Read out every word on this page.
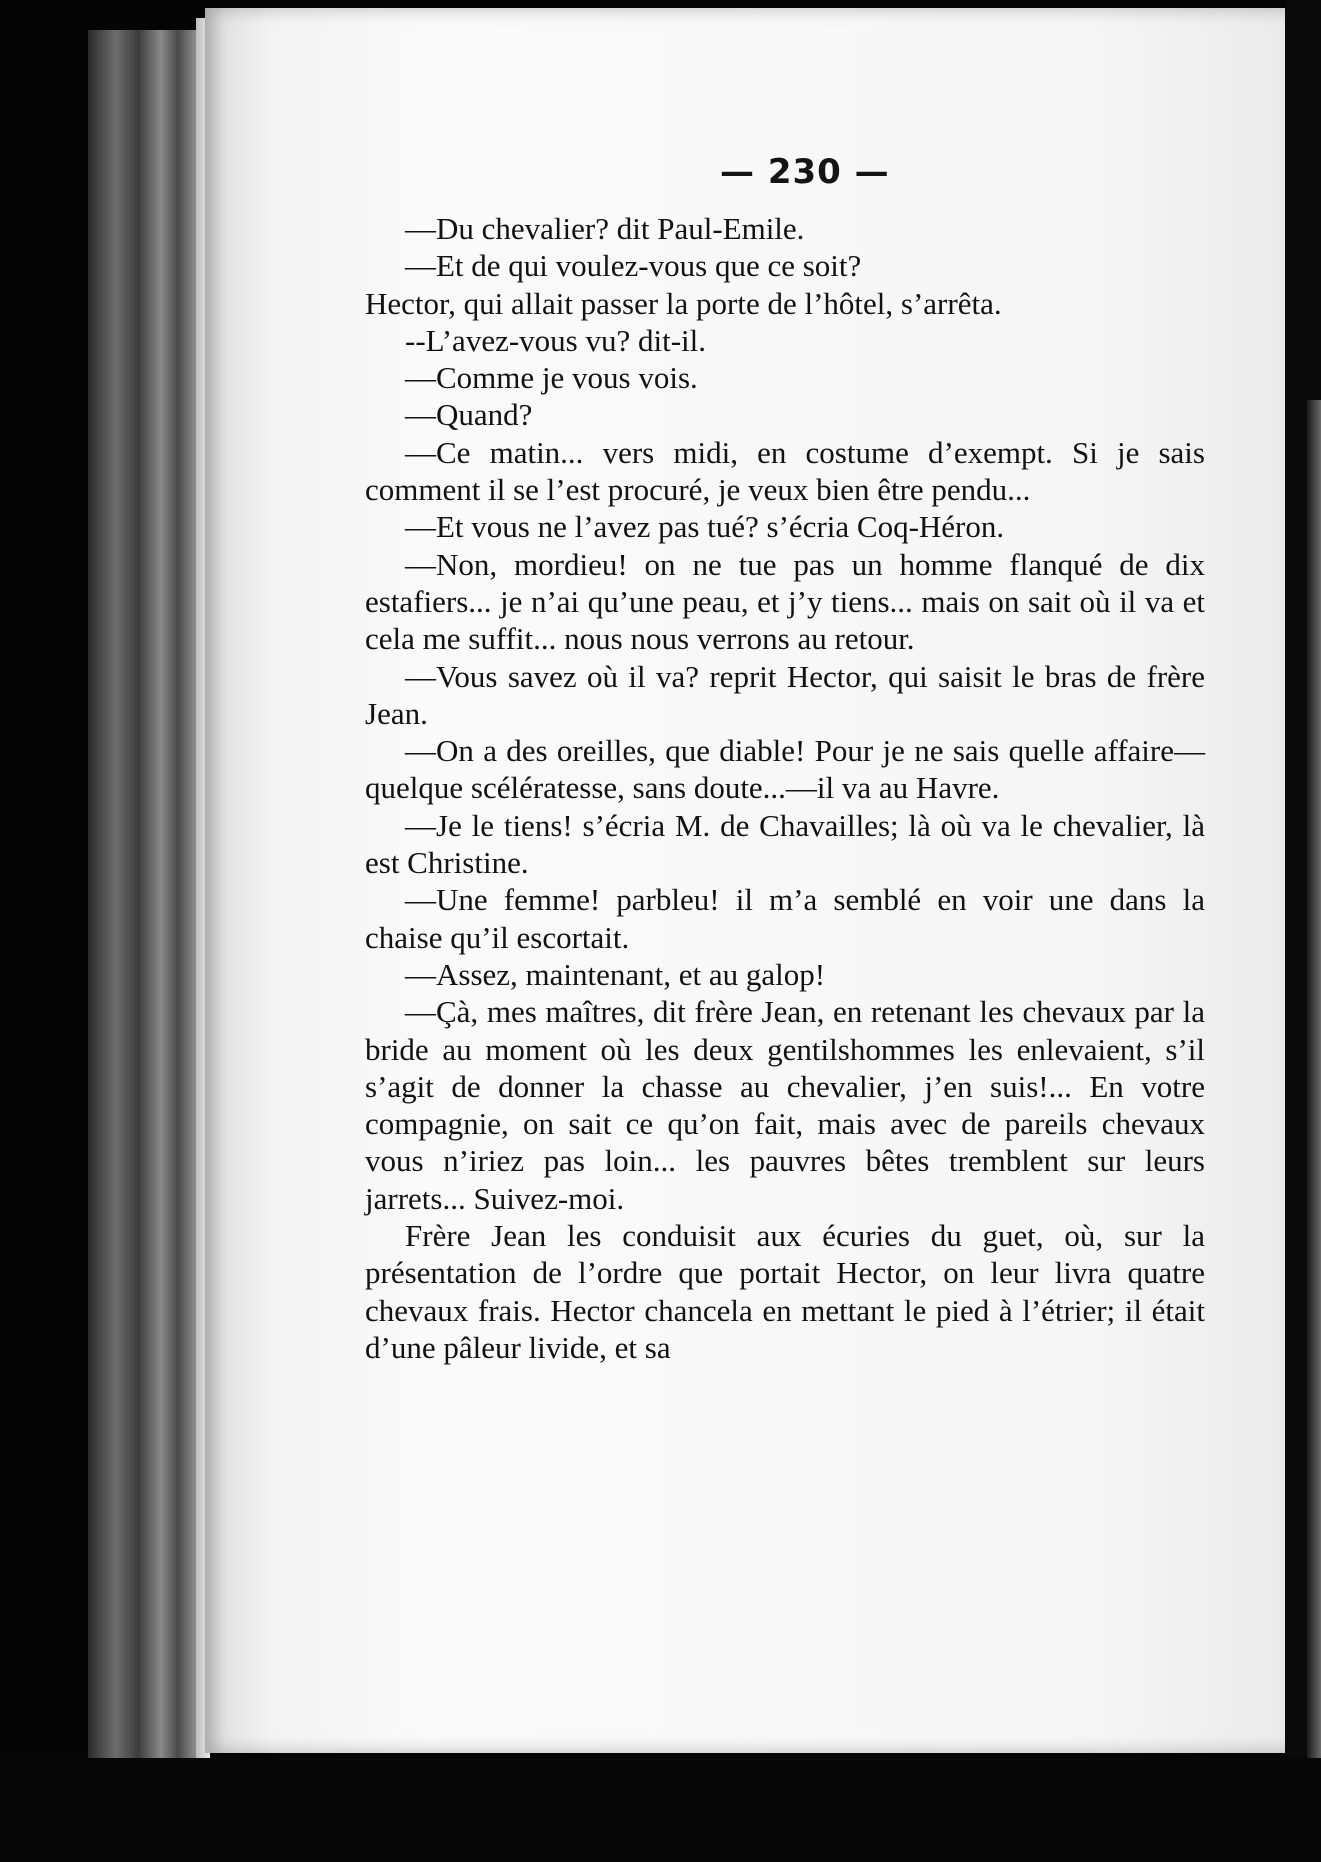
— 230 —

—Du chevalier? dit Paul-Emile.

—Et de qui voulez-vous que ce soit?

Hector, qui allait passer la porte de l’hôtel, s’arrêta.

--L’avez-vous vu? dit-il.

—Comme je vous vois.

—Quand?

—Ce matin... vers midi, en costume d’exempt. Si je sais comment il se l’est procuré, je veux bien être pendu...

—Et vous ne l’avez pas tué? s’écria Coq-Héron.

—Non, mordieu! on ne tue pas un homme flanqué de dix estafiers... je n’ai qu’une peau, et j’y tiens... mais on sait où il va et cela me suffit... nous nous verrons au retour.

—Vous savez où il va? reprit Hector, qui saisit le bras de frère Jean.

—On a des oreilles, que diable! Pour je ne sais quelle affaire—quelque scélératesse, sans doute...—il va au Havre.

—Je le tiens! s’écria M. de Chavailles; là où va le chevalier, là est Christine.

—Une femme! parbleu! il m’a semblé en voir une dans la chaise qu’il escortait.

—Assez, maintenant, et au galop!

—Çà, mes maîtres, dit frère Jean, en retenant les chevaux par la bride au moment où les deux gentilshommes les enlevaient, s’il s’agit de donner la chasse au chevalier, j’en suis!... En votre compagnie, on sait ce qu’on fait, mais avec de pareils chevaux vous n’iriez pas loin... les pauvres bêtes tremblent sur leurs jarrets... Suivez-moi.

Frère Jean les conduisit aux écuries du guet, où, sur la présentation de l’ordre que portait Hector, on leur livra quatre chevaux frais. Hector chancela en mettant le pied à l’étrier; il était d’une pâleur livide, et sa
